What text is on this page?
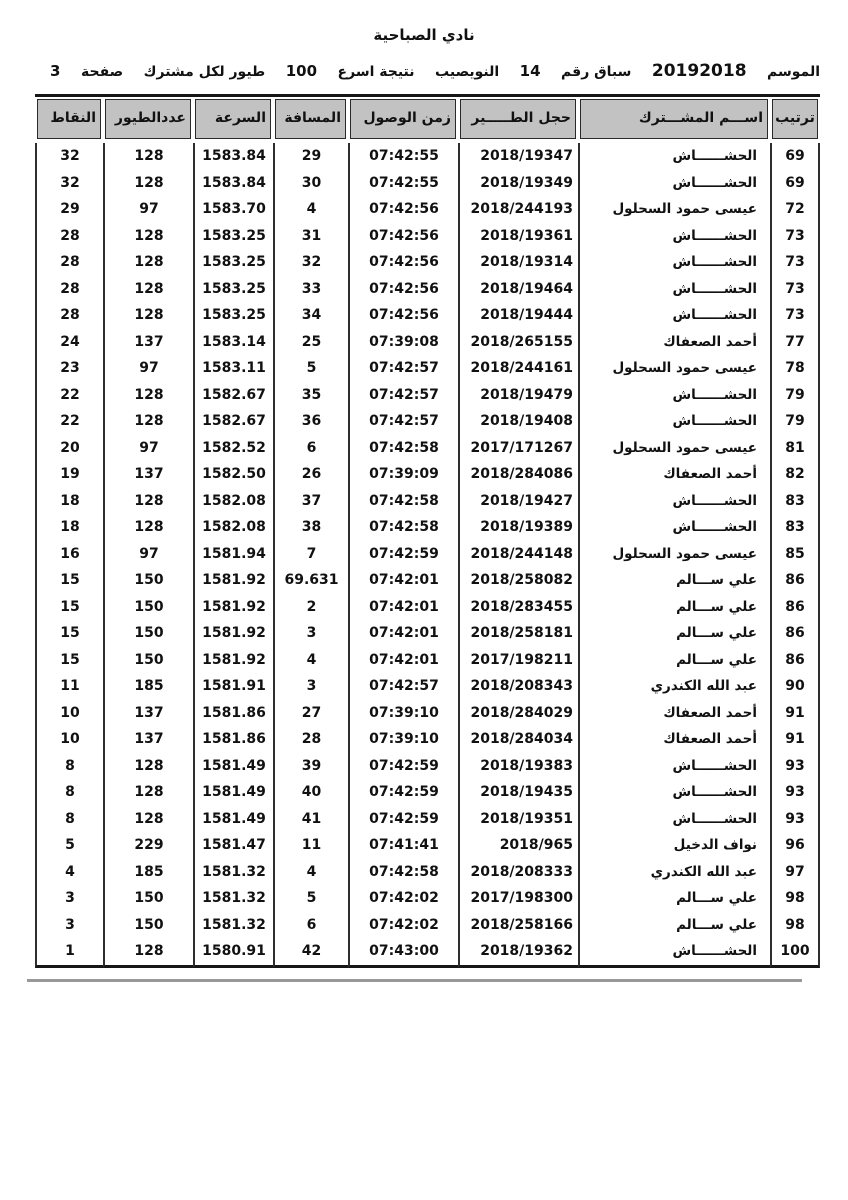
نادي الصباحية
الموسم
20192018
سباق رقم
14
النويصيب
نتيجة اسرع
100
طيور لكل مشترك
صفحة
3
ترتيب	اســـم المشـــترك	حجل الطـــــير	زمن الوصول	المسافة	السرعة	عددالطيور	النقاط

69	الحشــــــاش	2018/19347	07:42:55	29	1583.84	128	32
69	الحشــــــاش	2018/19349	07:42:55	30	1583.84	128	32
72	عيسى حمود السحلول	2018/244193	07:42:56	4	1583.70	97	29
73	الحشــــــاش	2018/19361	07:42:56	31	1583.25	128	28
73	الحشــــــاش	2018/19314	07:42:56	32	1583.25	128	28
73	الحشــــــاش	2018/19464	07:42:56	33	1583.25	128	28
73	الحشــــــاش	2018/19444	07:42:56	34	1583.25	128	28
77	أحمد الصعفاك	2018/265155	07:39:08	25	1583.14	137	24
78	عيسى حمود السحلول	2018/244161	07:42:57	5	1583.11	97	23
79	الحشــــــاش	2018/19479	07:42:57	35	1582.67	128	22
79	الحشــــــاش	2018/19408	07:42:57	36	1582.67	128	22
81	عيسى حمود السحلول	2017/171267	07:42:58	6	1582.52	97	20
82	أحمد الصعفاك	2018/284086	07:39:09	26	1582.50	137	19
83	الحشــــــاش	2018/19427	07:42:58	37	1582.08	128	18
83	الحشــــــاش	2018/19389	07:42:58	38	1582.08	128	18
85	عيسى حمود السحلول	2018/244148	07:42:59	7	1581.94	97	16
86	علي ســـالم	2018/258082	07:42:01	69.631	1581.92	150	15
86	علي ســـالم	2018/283455	07:42:01	2	1581.92	150	15
86	علي ســـالم	2018/258181	07:42:01	3	1581.92	150	15
86	علي ســـالم	2017/198211	07:42:01	4	1581.92	150	15
90	عبد الله الكندري	2018/208343	07:42:57	3	1581.91	185	11
91	أحمد الصعفاك	2018/284029	07:39:10	27	1581.86	137	10
91	أحمد الصعفاك	2018/284034	07:39:10	28	1581.86	137	10
93	الحشــــــاش	2018/19383	07:42:59	39	1581.49	128	8
93	الحشــــــاش	2018/19435	07:42:59	40	1581.49	128	8
93	الحشــــــاش	2018/19351	07:42:59	41	1581.49	128	8
96	نواف الدخيل	2018/965	07:41:41	11	1581.47	229	5
97	عبد الله الكندري	2018/208333	07:42:58	4	1581.32	185	4
98	علي ســـالم	2017/198300	07:42:02	5	1581.32	150	3
98	علي ســـالم	2018/258166	07:42:02	6	1581.32	150	3
100	الحشــــــاش	2018/19362	07:43:00	42	1580.91	128	1
